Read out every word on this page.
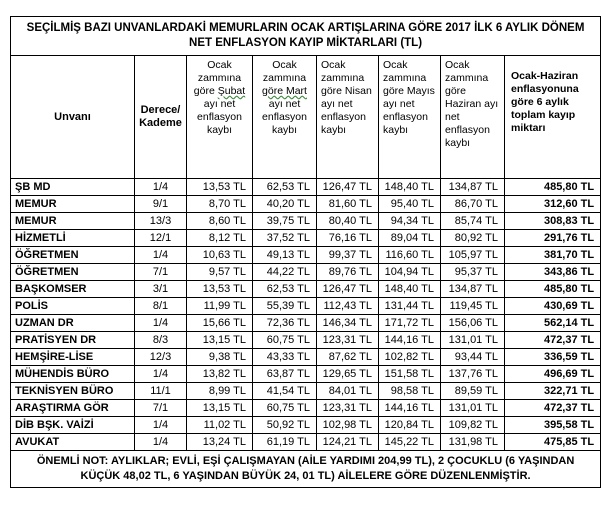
SEÇİLMİŞ BAZI UNVANLARDAKİ MEMURLARIN OCAK ARTIŞLARINA GÖRE 2017 İLK 6 AYLIK DÖNEM NET ENFLASYON KAYIP MİKTARLARI (TL)							
Unvanı	Derece/ Kademe	Ocak zammına göre Şubat ayı net enflasyon kaybı	Ocak zammına göre Mart ayı net enflasyon kaybı	Ocak zammına göre Nisan ayı net enflasyon kaybı	Ocak zammına göre Mayıs ayı net enflasyon kaybı	Ocak zammına göre Haziran ayı net enflasyon kaybı	Ocak-Haziran enflasyonuna göre 6 aylık toplam kayıp miktarı
ŞB MD	1/4	13,53 TL	62,53 TL	126,47 TL	148,40 TL	134,87 TL	485,80 TL
MEMUR	9/1	8,70 TL	40,20 TL	81,60 TL	95,40 TL	86,70 TL	312,60 TL
MEMUR	13/3	8,60 TL	39,75 TL	80,40 TL	94,34 TL	85,74 TL	308,83 TL
HİZMETLİ	12/1	8,12 TL	37,52 TL	76,16 TL	89,04 TL	80,92 TL	291,76 TL
ÖĞRETMEN	1/4	10,63 TL	49,13 TL	99,37 TL	116,60 TL	105,97 TL	381,70 TL
ÖĞRETMEN	7/1	9,57 TL	44,22 TL	89,76 TL	104,94 TL	95,37 TL	343,86 TL
BAŞKOMSER	3/1	13,53 TL	62,53 TL	126,47 TL	148,40 TL	134,87 TL	485,80 TL
POLİS	8/1	11,99 TL	55,39 TL	112,43 TL	131,44 TL	119,45 TL	430,69 TL
UZMAN DR	1/4	15,66 TL	72,36 TL	146,34 TL	171,72 TL	156,06 TL	562,14 TL
PRATİSYEN DR	8/3	13,15 TL	60,75 TL	123,31 TL	144,16 TL	131,01 TL	472,37 TL
HEMŞİRE-LİSE	12/3	9,38 TL	43,33 TL	87,62 TL	102,82 TL	93,44 TL	336,59 TL
MÜHENDİS BÜRO	1/4	13,82 TL	63,87 TL	129,65 TL	151,58 TL	137,76 TL	496,69 TL
TEKNİSYEN BÜRO	11/1	8,99 TL	41,54 TL	84,01 TL	98,58 TL	89,59 TL	322,71 TL
ARAŞTIRMA GÖR	7/1	13,15 TL	60,75 TL	123,31 TL	144,16 TL	131,01 TL	472,37 TL
DİB BŞK. VAİZİ	1/4	11,02 TL	50,92 TL	102,98 TL	120,84 TL	109,82 TL	395,58 TL
AVUKAT	1/4	13,24 TL	61,19 TL	124,21 TL	145,22 TL	131,98 TL	475,85 TL
ÖNEMLİ NOT: AYLIKLAR; EVLİ, EŞİ ÇALIŞMAYAN (AİLE YARDIMI 204,99 TL), 2 ÇOCUKLU (6 YAŞINDAN KÜÇÜK 48,02 TL, 6 YAŞINDAN BÜYÜK 24, 01 TL) AİLELERE GÖRE DÜZENLENMİŞTİR.							
